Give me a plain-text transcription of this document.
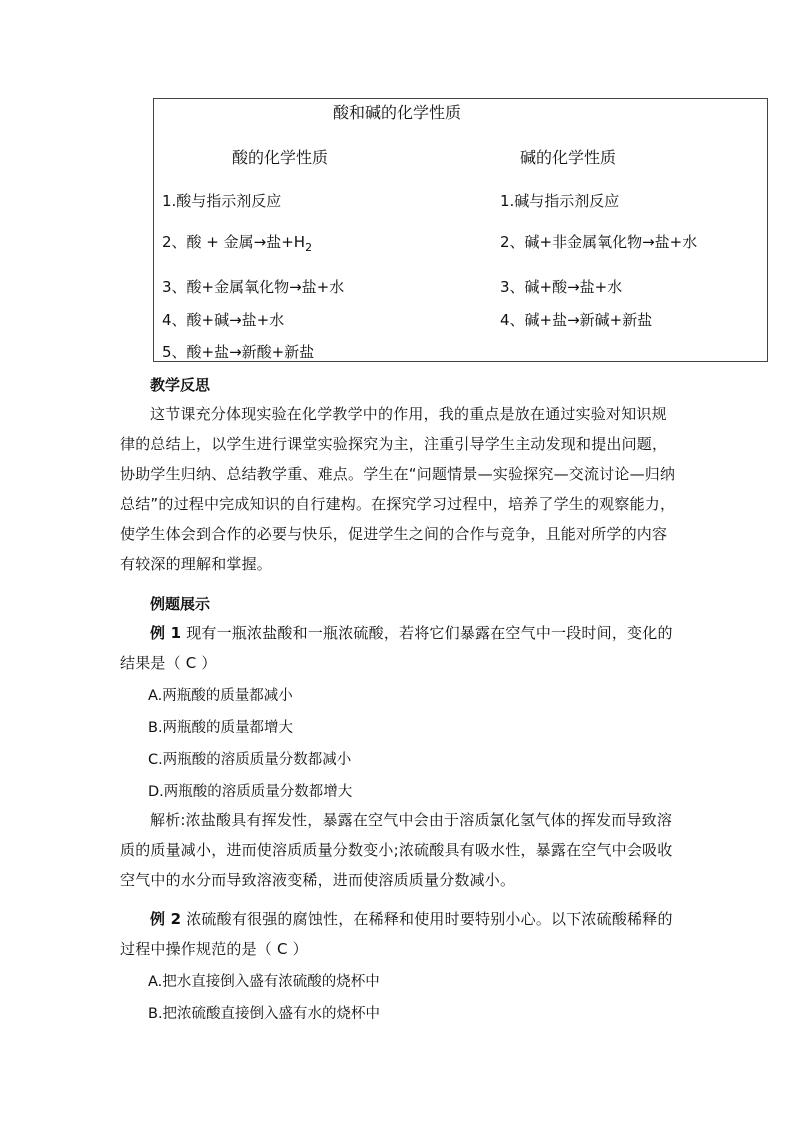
酸和碱的化学性质
酸的化学性质	碱的化学性质
1.酸与指示剂反应
2、酸 + 金属→盐$+H_2$
3、酸+金属氧化物→盐+水
4、酸+碱→盐+水
5、酸+盐→新酸+新盐
1.碱与指示剂反应
2、碱+非金属氧化物→盐+水
3、碱+酸→盐+水
4、碱+盐→新碱+新盐
教学反思
这节课充分体现实验在化学教学中的作用，我的重点是放在通过实验对知识规律的总结上，以学生进行课堂实验探究为主，注重引导学生主动发现和提出问题，协助学生归纳、总结教学重、难点。学生在“问题情景—实验探究—交流讨论—归纳总结”的过程中完成知识的自行建构。在探究学习过程中，培养了学生的观察能力，使学生体会到合作的必要与快乐，促进学生之间的合作与竞争，且能对所学的内容有较深的理解和掌握。
例题展示
例 1 现有一瓶浓盐酸和一瓶浓硫酸，若将它们暴露在空气中一段时间，变化的结果是（ C ）
A.两瓶酸的质量都减小
B.两瓶酸的质量都增大
C.两瓶酸的溶质质量分数都减小
D.两瓶酸的溶质质量分数都增大
解析:浓盐酸具有挥发性，暴露在空气中会由于溶质氯化氢气体的挥发而导致溶质的质量减小，进而使溶质质量分数变小;浓硫酸具有吸水性，暴露在空气中会吸收空气中的水分而导致溶液变稀，进而使溶质质量分数减小。
例 2 浓硫酸有很强的腐蚀性，在稀释和使用时要特别小心。以下浓硫酸稀释的过程中操作规范的是（ C ）
A.把水直接倒入盛有浓硫酸的烧杯中
B.把浓硫酸直接倒入盛有水的烧杯中
